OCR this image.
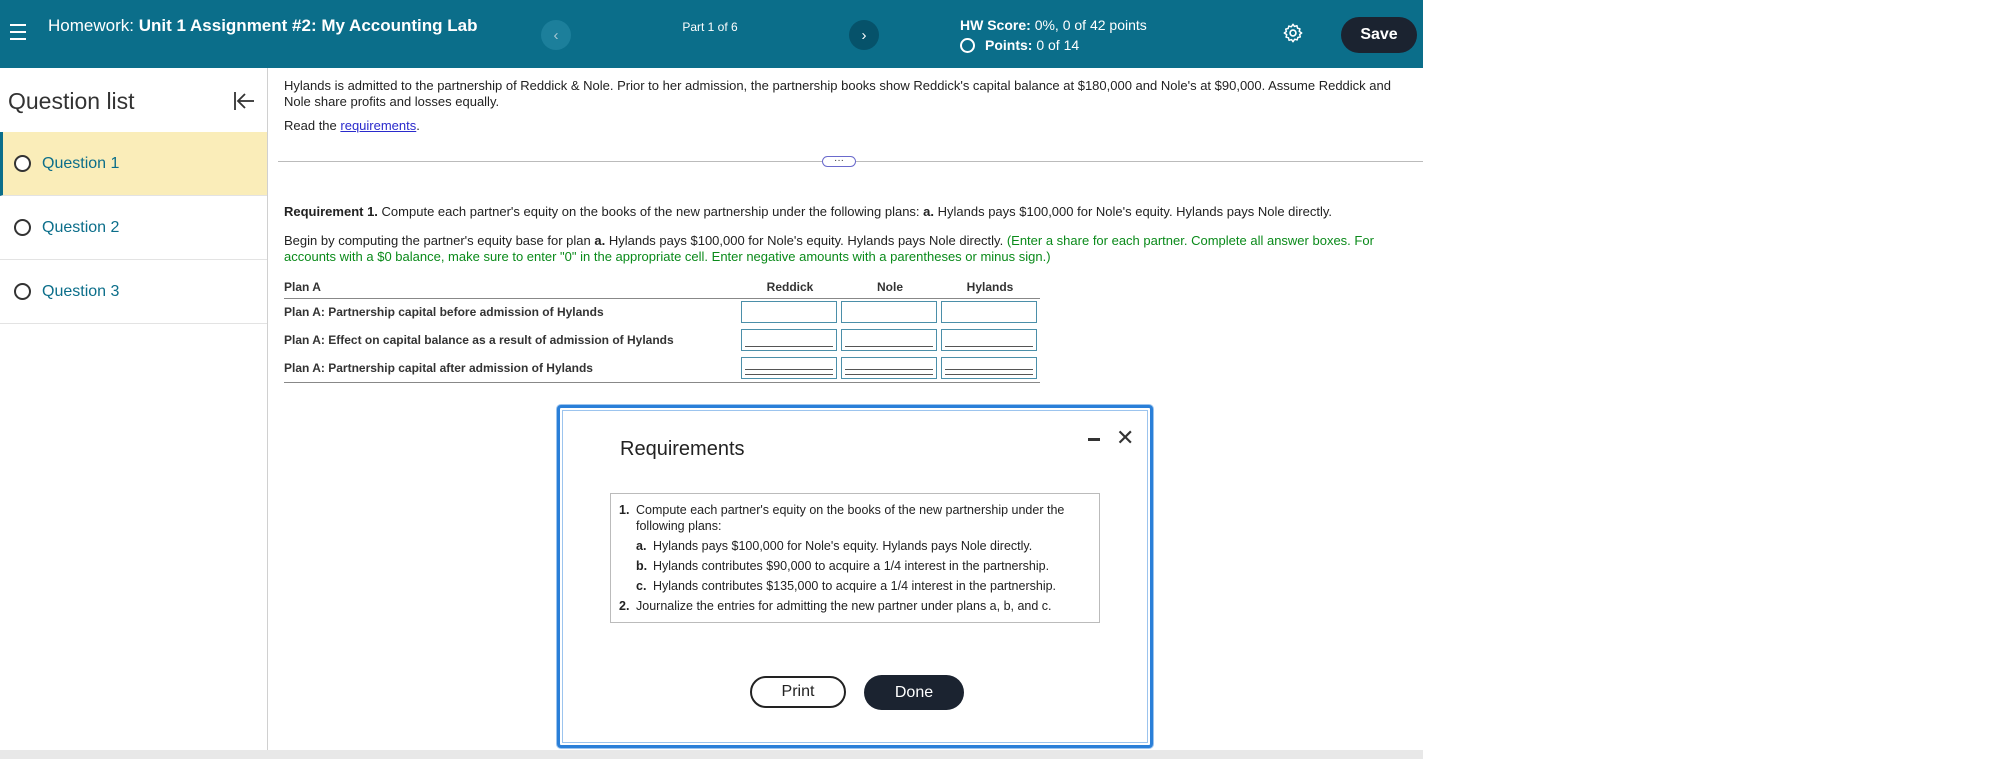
Homework: Unit 1 Assignment #2: My Accounting Lab	‹
Question 1, EF12-19 (book/static)
Part 1 of 6	›
HW Score: 0%, 0 of 42 points
Points:
0 of 14
Save
Question list
Question 1
Question 2
Question 3
Hylands is admitted to the partnership of Reddick & Nole. Prior to her admission, the partnership books show Reddick's capital balance at $180,000 and Nole's at $90,000. Assume Reddick and Nole share profits and losses equally.
Read the requirements.
···
Requirement 1. Compute each partner's equity on the books of the new partnership under the following plans: a. Hylands pays $100,000 for Nole's equity. Hylands pays Nole directly.
Begin by computing the partner's equity base for plan a. Hylands pays $100,000 for Nole's equity. Hylands pays Nole directly. (Enter a share for each partner. Complete all answer boxes. For accounts with a $0 balance, make sure to enter "0" in the appropriate cell. Enter negative amounts with a parentheses or minus sign.)
Plan A	Reddick	Nole	Hylands
Plan A: Partnership capital before admission of Hylands	

Plan A: Effect on capital balance as a result of admission of Hylands	

Plan A: Partnership capital after admission of Hylands	

Requirements	✕
1. Compute each partner's equity on the books of the new partnership under the following plans:
a. Hylands pays $100,000 for Nole's equity. Hylands pays Nole directly.
b. Hylands contributes $90,000 to acquire a 1/4 interest in the partnership.
c. Hylands contributes $135,000 to acquire a 1/4 interest in the partnership.
2. Journalize the entries for admitting the new partner under plans a, b, and c.
Print	Done
